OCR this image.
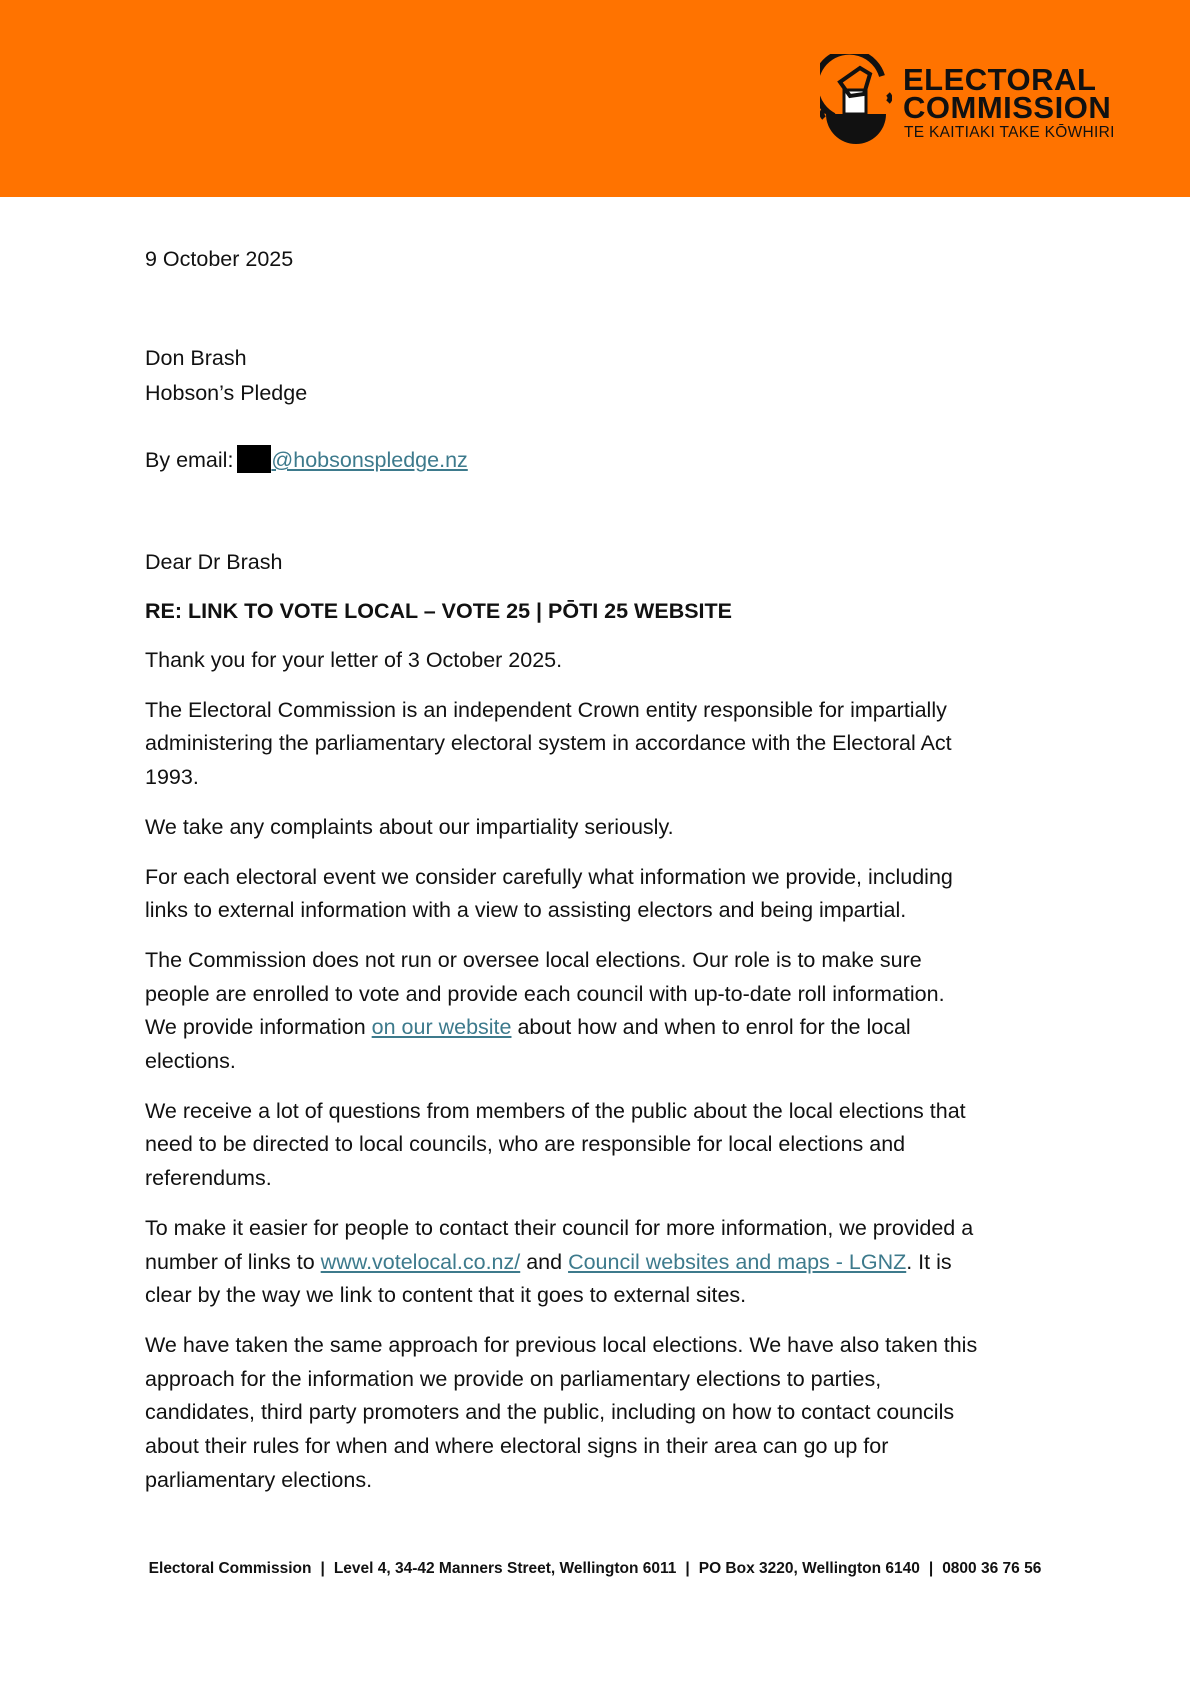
ELECTORAL
COMMISSION
TE KAITIAKI TAKE KŌWHIRI
9 October 2025
Don Brash
Hobson’s Pledge
By email: @hobsonspledge.nz
Dear Dr Brash
RE: LINK TO VOTE LOCAL – VOTE 25 | PŌTI 25 WEBSITE
Thank you for your letter of 3 October 2025.
The Electoral Commission is an independent Crown entity responsible for impartially
administering the parliamentary electoral system in accordance with the Electoral Act
1993.
We take any complaints about our impartiality seriously.
For each electoral event we consider carefully what information we provide, including
links to external information with a view to assisting electors and being impartial.
The Commission does not run or oversee local elections. Our role is to make sure
people are enrolled to vote and provide each council with up-to-date roll information.
We provide information on our website about how and when to enrol for the local
elections.
We receive a lot of questions from members of the public about the local elections that
need to be directed to local councils, who are responsible for local elections and
referendums.
To make it easier for people to contact their council for more information, we provided a
number of links to www.votelocal.co.nz/ and Council websites and maps - LGNZ. It is
clear by the way we link to content that it goes to external sites.
We have taken the same approach for previous local elections. We have also taken this
approach for the information we provide on parliamentary elections to parties,
candidates, third party promoters and the public, including on how to contact councils
about their rules for when and where electoral signs in their area can go up for
parliamentary elections.
Electoral Commission | Level 4, 34-42 Manners Street, Wellington 6011 | PO Box 3220, Wellington 6140 | 0800 36 76 56
